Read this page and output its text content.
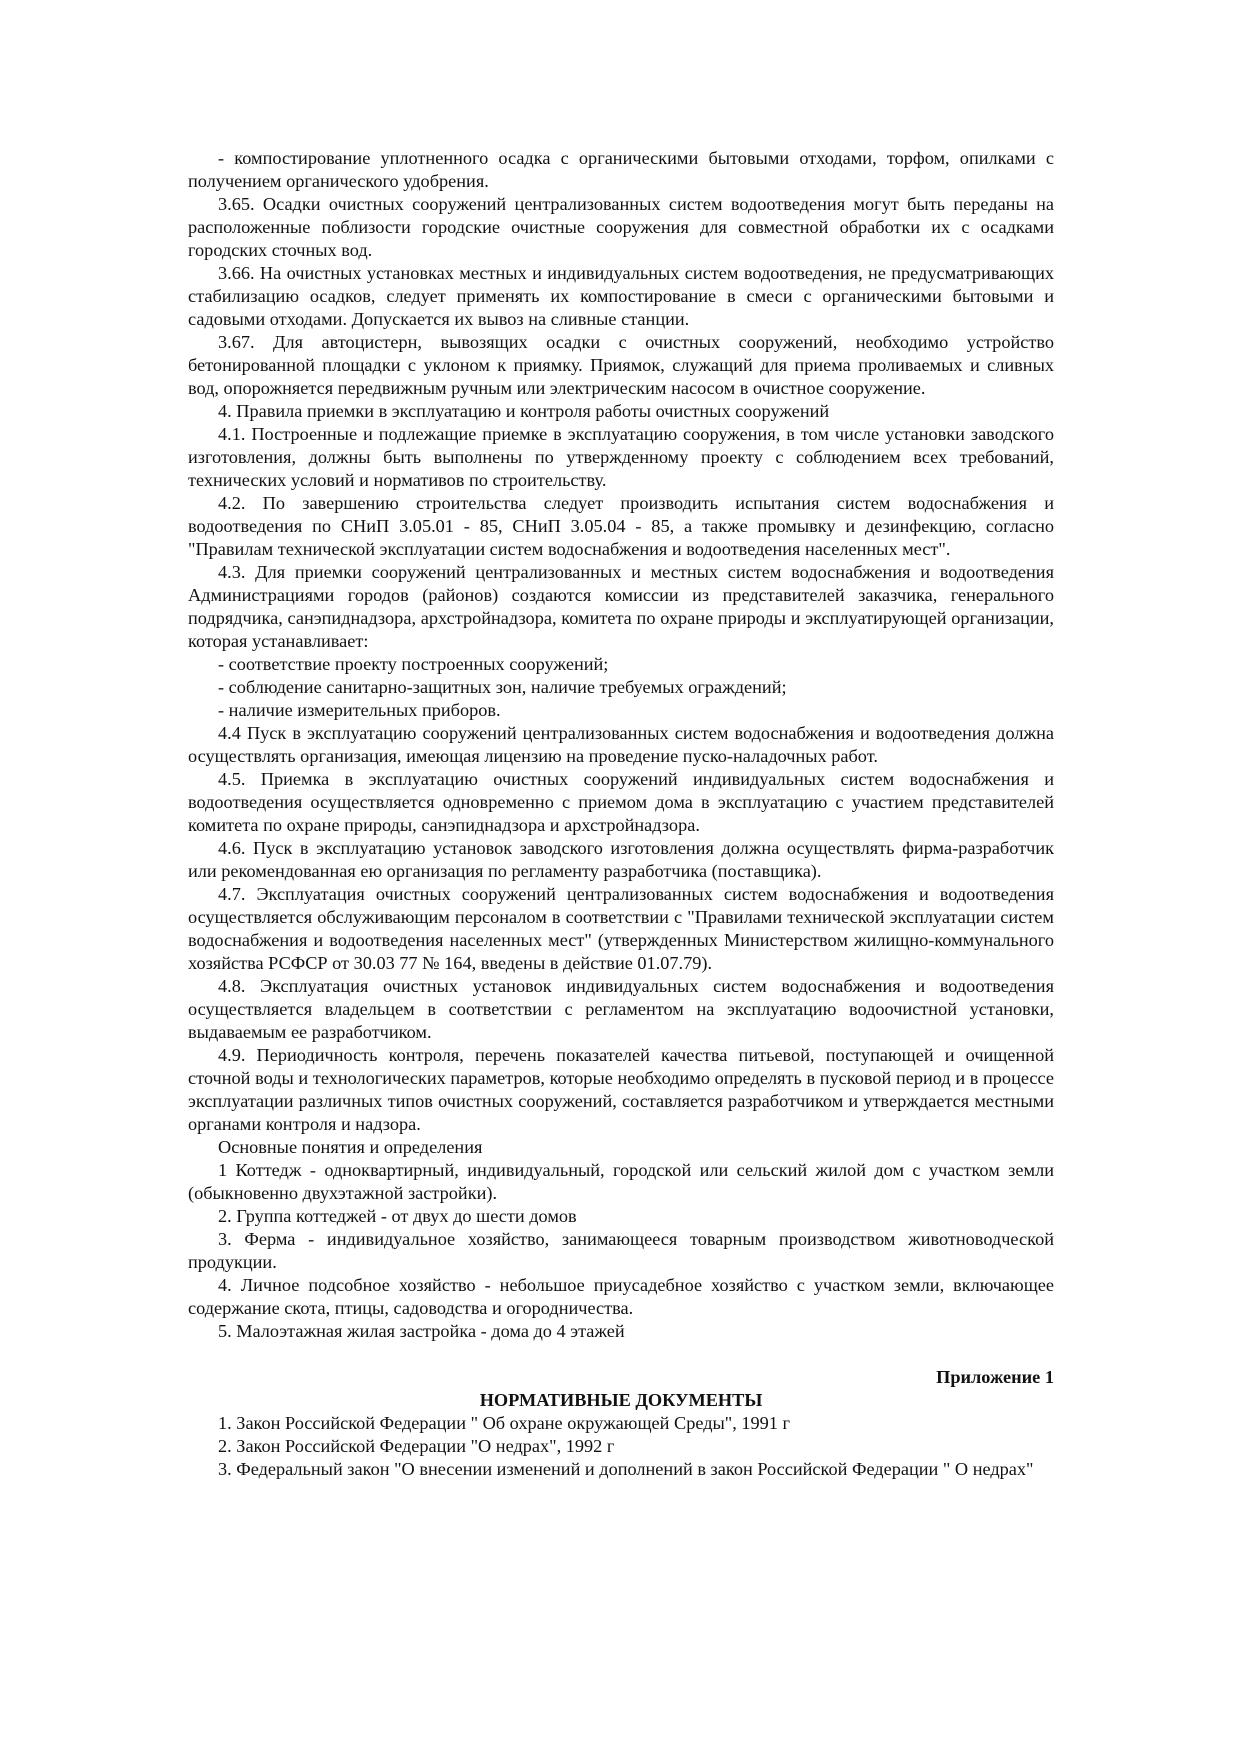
- компостирование уплотненного осадка с органическими бытовыми отходами, торфом, опилками с получением органического удобрения.

3.65. Осадки очистных сооружений централизованных систем водоотведения могут быть переданы на расположенные поблизости городские очистные сооружения для совместной обработки их с осадками городских сточных вод.

3.66. На очистных установках местных и индивидуальных систем водоотведения, не предусматривающих стабилизацию осадков, следует применять их компостирование в смеси с органическими бытовыми и садовыми отходами. Допускается их вывоз на сливные станции.

3.67. Для автоцистерн, вывозящих осадки с очистных сооружений, необходимо устройство бетонированной площадки с уклоном к приямку. Приямок, служащий для приема проливаемых и сливных вод, опорожняется передвижным ручным или электрическим насосом в очистное сооружение.

4. Правила приемки в эксплуатацию и контроля работы очистных сооружений

4.1. Построенные и подлежащие приемке в эксплуатацию сооружения, в том числе установки заводского изготовления, должны быть выполнены по утвержденному проекту с соблюдением всех требований, технических условий и нормативов по строительству.

4.2. По завершению строительства следует производить испытания систем водоснабжения и водоотведения по СНиП 3.05.01 - 85, СНиП 3.05.04 - 85, а также промывку и дезинфекцию, согласно "Правилам технической эксплуатации систем водоснабжения и водоотведения населенных мест".

4.3. Для приемки сооружений централизованных и местных систем водоснабжения и водоотведения Администрациями городов (районов) создаются комиссии из представителей заказчика, генерального подрядчика, санэпиднадзора, архстройнадзора, комитета по охране природы и эксплуатирующей организации, которая устанавливает:

- соответствие проекту построенных сооружений;

- соблюдение санитарно-защитных зон, наличие требуемых ограждений;

- наличие измерительных приборов.

4.4 Пуск в эксплуатацию сооружений централизованных систем водоснабжения и водоотведения должна осуществлять организация, имеющая лицензию на проведение пуско-наладочных работ.

4.5. Приемка в эксплуатацию очистных сооружений индивидуальных систем водоснабжения и водоотведения осуществляется одновременно с приемом дома в эксплуатацию с участием представителей комитета по охране природы, санэпиднадзора и архстройнадзора.

4.6. Пуск в эксплуатацию установок заводского изготовления должна осуществлять фирма-разработчик или рекомендованная ею организация по регламенту разработчика (поставщика).

4.7. Эксплуатация очистных сооружений централизованных систем водоснабжения и водоотведения осуществляется обслуживающим персоналом в соответствии с "Правилами технической эксплуатации систем водоснабжения и водоотведения населенных мест" (утвержденных Министерством жилищно-коммунального хозяйства РСФСР от 30.03 77 № 164, введены в действие 01.07.79).

4.8. Эксплуатация очистных установок индивидуальных систем водоснабжения и водоотведения осуществляется владельцем в соответствии с регламентом на эксплуатацию водоочистной установки, выдаваемым ее разработчиком.

4.9. Периодичность контроля, перечень показателей качества питьевой, поступающей и очищенной сточной воды и технологических параметров, которые необходимо определять в пусковой период и в процессе эксплуатации различных типов очистных сооружений, составляется разработчиком и утверждается местными органами контроля и надзора.

Основные понятия и определения

1 Коттедж - одноквартирный, индивидуальный, городской или сельский жилой дом с участком земли (обыкновенно двухэтажной застройки).

2. Группа коттеджей - от двух до шести домов

3. Ферма - индивидуальное хозяйство, занимающееся товарным производством животноводческой продукции.

4. Личное подсобное хозяйство - небольшое приусадебное хозяйство с участком земли, включающее содержание скота, птицы, садоводства и огородничества.

5. Малоэтажная жилая застройка - дома до 4 этажей

Приложение 1

НОРМАТИВНЫЕ ДОКУМЕНТЫ

1. Закон Российской Федерации " Об охране окружающей Среды", 1991 г

2. Закон Российской Федерации "О недрах", 1992 г

3. Федеральный закон "О внесении изменений и дополнений в закон Российской Федерации " О недрах"
